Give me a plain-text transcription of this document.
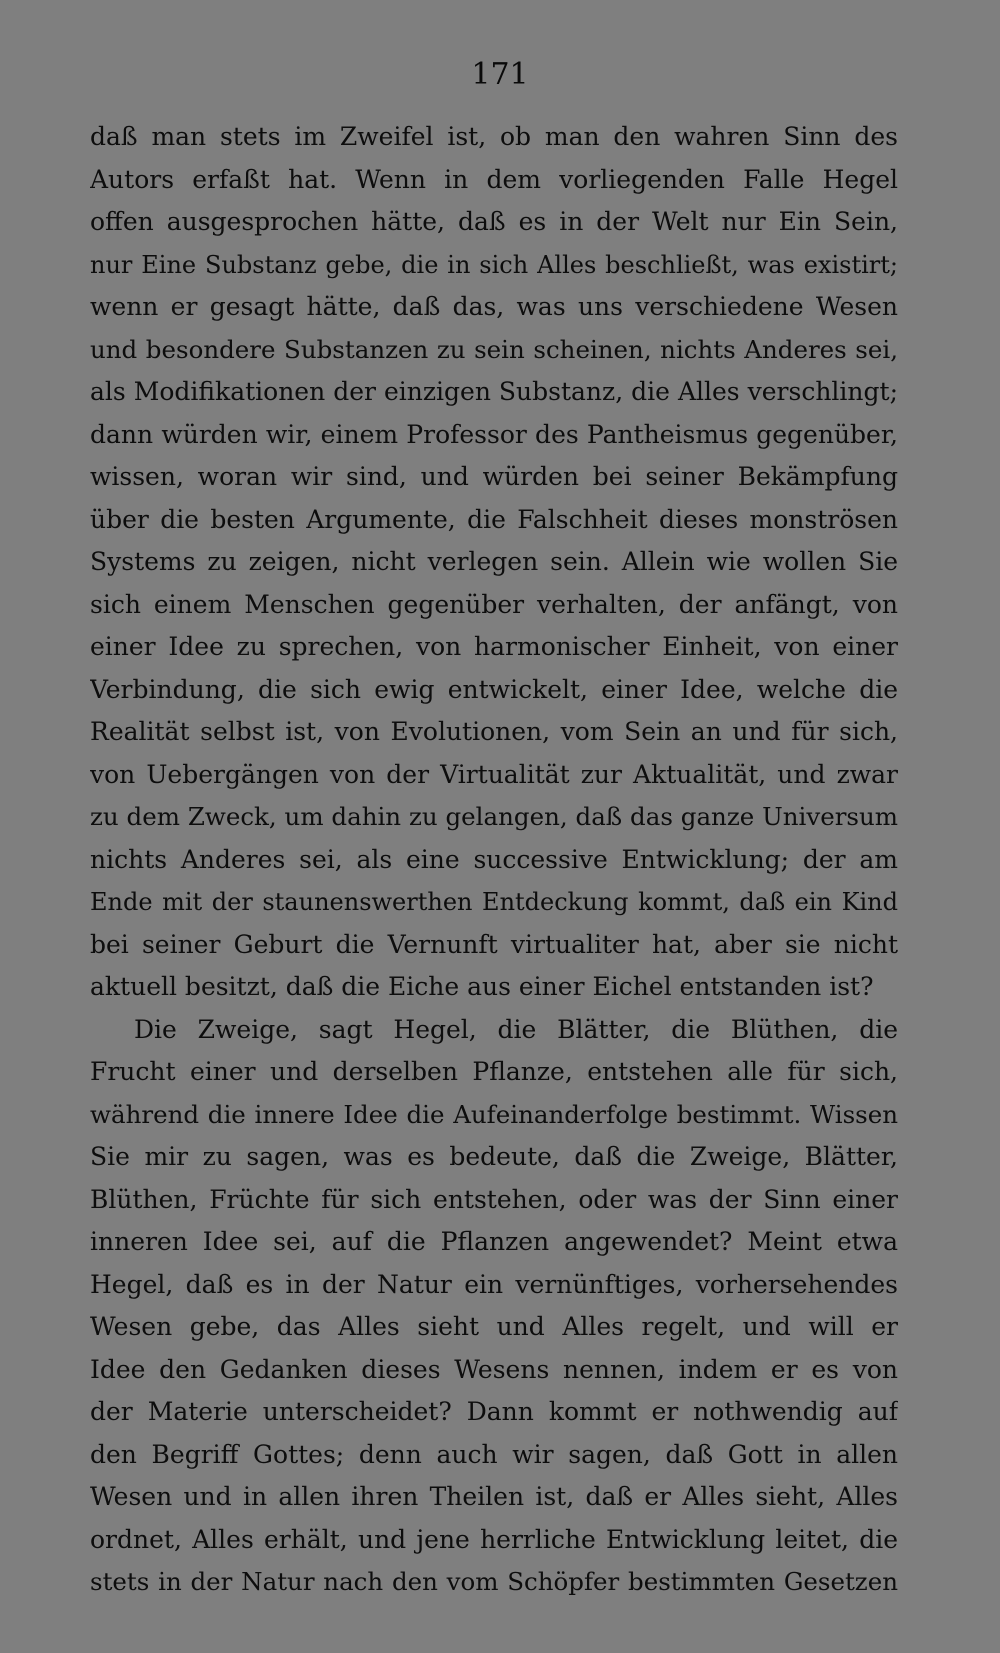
171
daß man stets im Zweifel ist, ob man den wahren Sinn des
Autors erfaßt hat. Wenn in dem vorliegenden Falle Hegel
offen ausgesprochen hätte, daß es in der Welt nur Ein Sein,
nur Eine Substanz gebe, die in sich Alles beschließt, was existirt;
wenn er gesagt hätte, daß das, was uns verschiedene Wesen
und besondere Substanzen zu sein scheinen, nichts Anderes sei,
als Modifikationen der einzigen Substanz, die Alles verschlingt;
dann würden wir, einem Professor des Pantheismus gegenüber,
wissen, woran wir sind, und würden bei seiner Bekämpfung
über die besten Argumente, die Falschheit dieses monströsen
Systems zu zeigen, nicht verlegen sein. Allein wie wollen Sie
sich einem Menschen gegenüber verhalten, der anfängt, von
einer Idee zu sprechen, von harmonischer Einheit, von einer
Verbindung, die sich ewig entwickelt, einer Idee, welche die
Realität selbst ist, von Evolutionen, vom Sein an und für sich,
von Uebergängen von der Virtualität zur Aktualität, und zwar
zu dem Zweck, um dahin zu gelangen, daß das ganze Universum
nichts Anderes sei, als eine successive Entwicklung; der am
Ende mit der staunenswerthen Entdeckung kommt, daß ein Kind
bei seiner Geburt die Vernunft virtualiter hat, aber sie nicht
aktuell besitzt, daß die Eiche aus einer Eichel entstanden ist?
Die Zweige, sagt Hegel, die Blätter, die Blüthen, die
Frucht einer und derselben Pflanze, entstehen alle für sich,
während die innere Idee die Aufeinanderfolge bestimmt. Wissen
Sie mir zu sagen, was es bedeute, daß die Zweige, Blätter,
Blüthen, Früchte für sich entstehen, oder was der Sinn einer
inneren Idee sei, auf die Pflanzen angewendet? Meint etwa
Hegel, daß es in der Natur ein vernünftiges, vorhersehendes
Wesen gebe, das Alles sieht und Alles regelt, und will er
Idee den Gedanken dieses Wesens nennen, indem er es von
der Materie unterscheidet? Dann kommt er nothwendig auf
den Begriff Gottes; denn auch wir sagen, daß Gott in allen
Wesen und in allen ihren Theilen ist, daß er Alles sieht, Alles
ordnet, Alles erhält, und jene herrliche Entwicklung leitet, die
stets in der Natur nach den vom Schöpfer bestimmten Gesetzen
